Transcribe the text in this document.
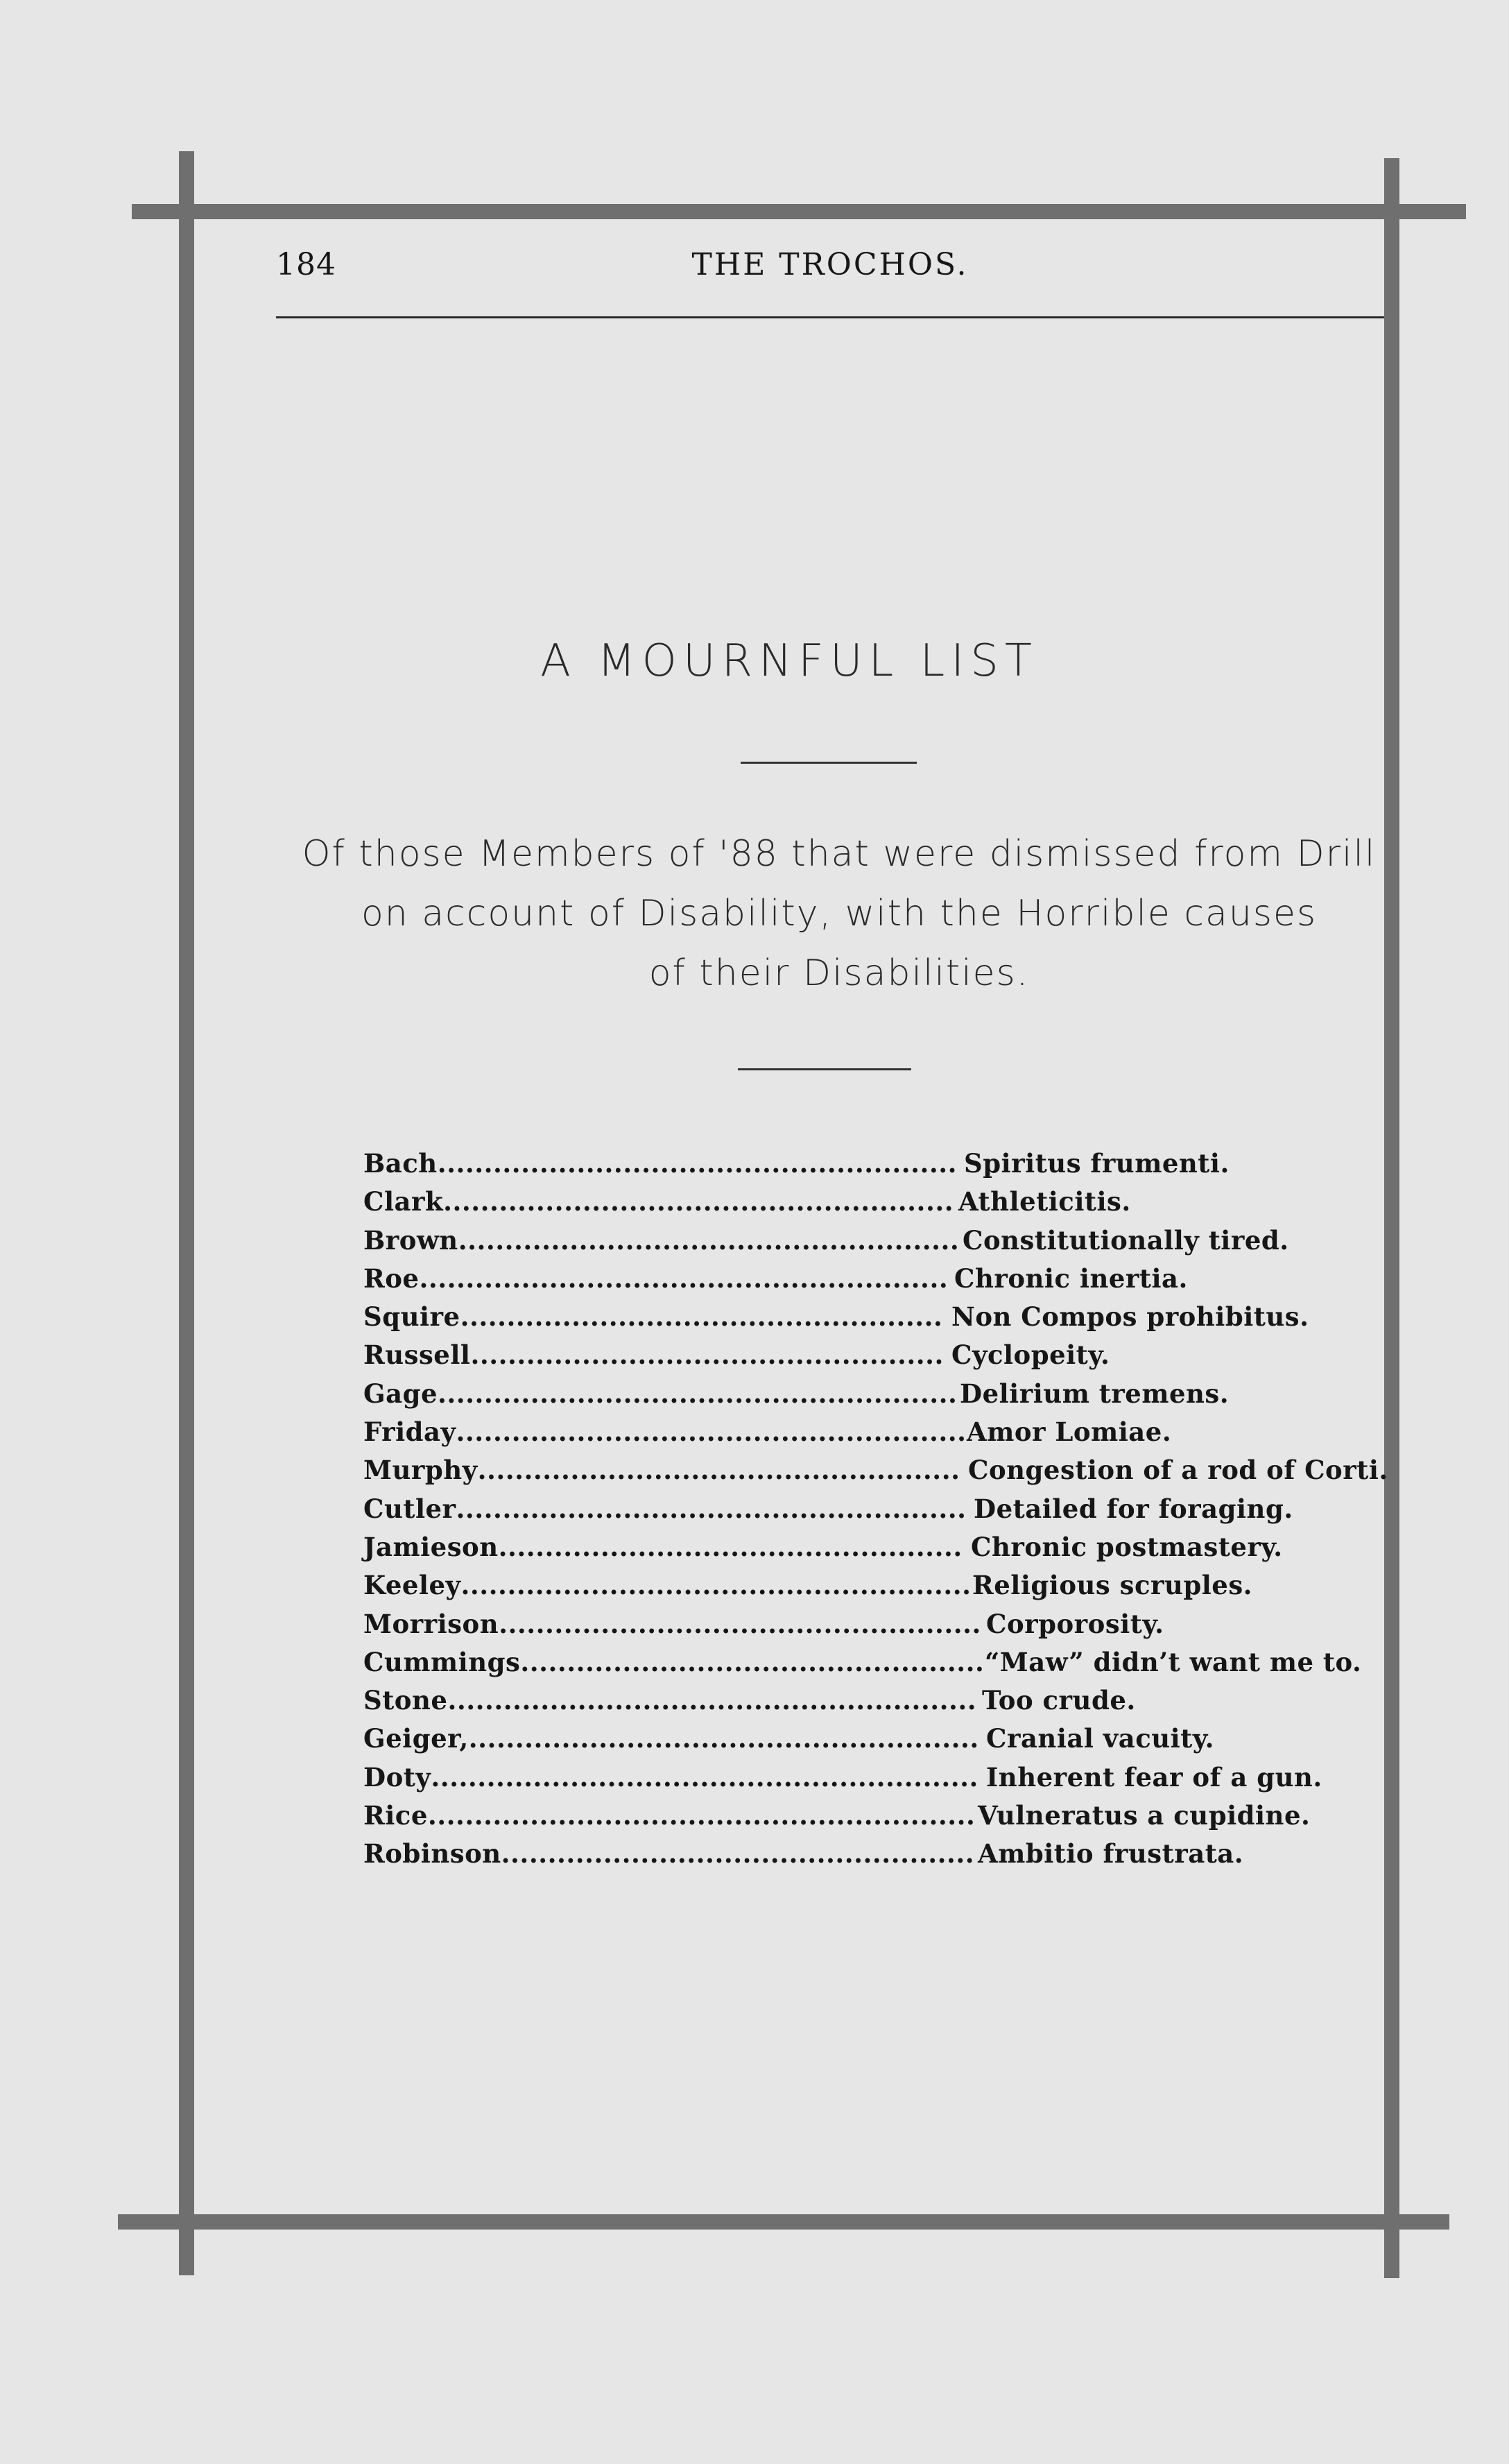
184	THE TROCHOS.
A MOURNFUL LIST
Of those Members of '88 that were dismissed from Drill
on account of Disability, with the Horrible causes
of their Disabilities.
Bach........................................................ Spiritus frumenti.
Clark....................................................... Athleticitis.
Brown...................................................... Constitutionally tired.
Roe......................................................... Chronic inertia.
Squire.................................................... Non Compos prohibitus.
Russell................................................... Cyclopeity.
Gage........................................................Delirium tremens.
Friday.......................................................Amor Lomiae.
Murphy.................................................... Congestion of a rod of Corti.
Cutler....................................................... Detailed for foraging.
Jamieson.................................................. Chronic postmastery.
Keeley.......................................................Religious scruples.
Morrison.................................................... Corporosity.
Cummings..................................................“Maw” didn’t want me to.
Stone......................................................... Too crude.
Geiger,....................................................... Cranial vacuity.
Doty........................................................... Inherent fear of a gun.
Rice...........................................................Vulneratus a cupidine.
Robinson................................................... Ambitio frustrata.
